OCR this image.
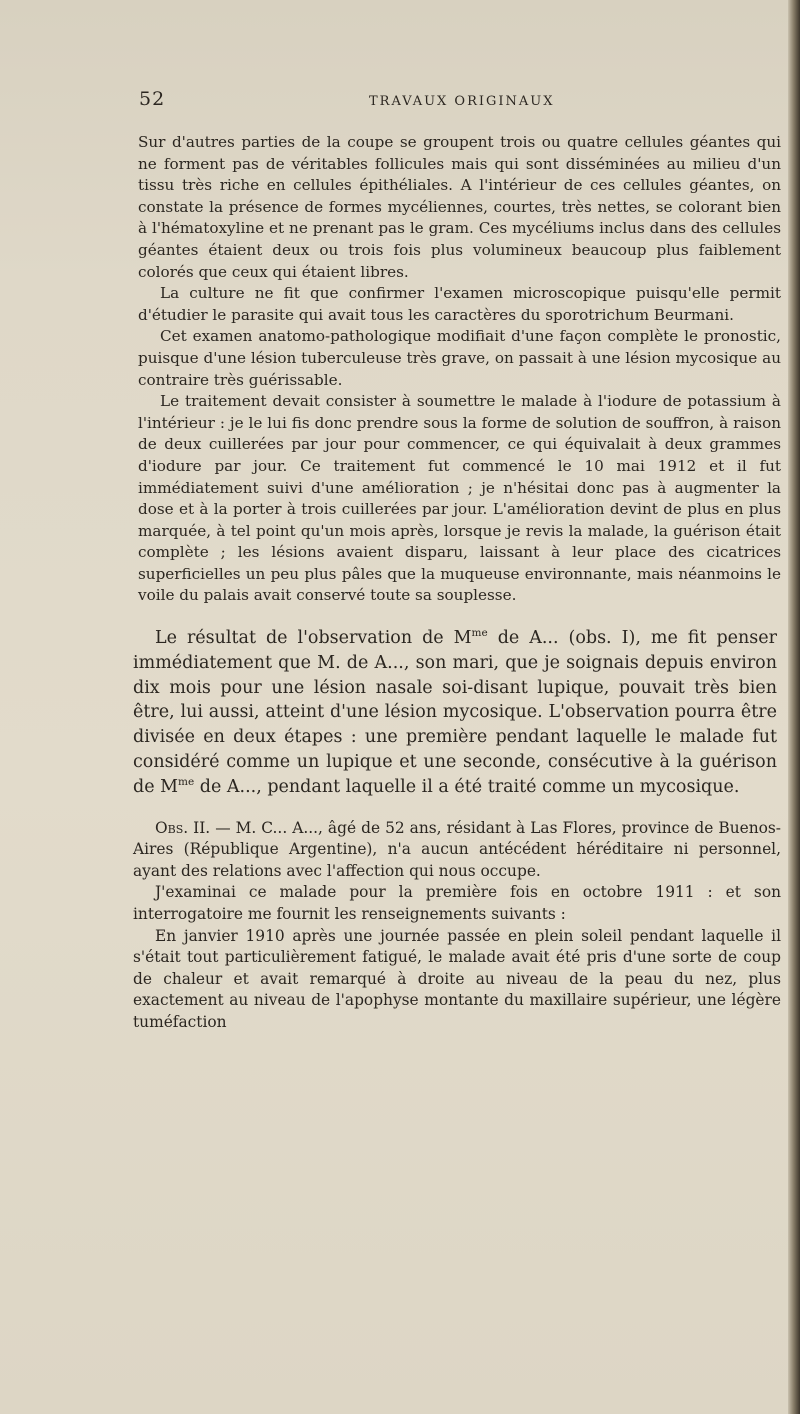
52	TRAVAUX ORIGINAUX

Sur d'autres parties de la coupe se groupent trois ou quatre cellules géantes qui ne forment pas de véritables follicules mais qui sont disséminées au milieu d'un tissu très riche en cellules épithéliales. A l'intérieur de ces cellules géantes, on constate la présence de formes mycéliennes, courtes, très nettes, se colorant bien à l'hématoxyline et ne prenant pas le gram. Ces mycéliums inclus dans des cellules géantes étaient deux ou trois fois plus volumineux beaucoup plus faiblement colorés que ceux qui étaient libres.

La culture ne fit que confirmer l'examen microscopique puisqu'elle permit d'étudier le parasite qui avait tous les caractères du sporotrichum Beurmani.

Cet examen anatomo-pathologique modifiait d'une façon complète le pronostic, puisque d'une lésion tuberculeuse très grave, on passait à une lésion mycosique au contraire très guérissable.

Le traitement devait consister à soumettre le malade à l'iodure de potassium à l'intérieur : je le lui fis donc prendre sous la forme de solution de souffron, à raison de deux cuillerées par jour pour commencer, ce qui équivalait à deux grammes d'iodure par jour. Ce traitement fut commencé le 10 mai 1912 et il fut immédiatement suivi d'une amélioration ; je n'hésitai donc pas à augmenter la dose et à la porter à trois cuillerées par jour. L'amélioration devint de plus en plus marquée, à tel point qu'un mois après, lorsque je revis la malade, la guérison était complète ; les lésions avaient disparu, laissant à leur place des cicatrices superficielles un peu plus pâles que la muqueuse environnante, mais néanmoins le voile du palais avait conservé toute sa souplesse.

Le résultat de l'observation de $M^{me}$ de A... (obs. I), me fit penser immédiatement que M. de A..., son mari, que je soignais depuis environ dix mois pour une lésion nasale soi-disant lupique, pouvait très bien être, lui aussi, atteint d'une lésion mycosique. L'observation pourra être divisée en deux étapes : une première pendant laquelle le malade fut considéré comme un lupique et une seconde, consécutive à la guérison de $M^{me}$ de A..., pendant laquelle il a été traité comme un mycosique.

Obs. II. — M. C... A..., âgé de 52 ans, résidant à Las Flores, province de Buenos-Aires (République Argentine), n'a aucun antécédent héréditaire ni personnel, ayant des relations avec l'affection qui nous occupe.

J'examinai ce malade pour la première fois en octobre 1911 : et son interrogatoire me fournit les renseignements suivants :

En janvier 1910 après une journée passée en plein soleil pendant laquelle il s'était tout particulièrement fatigué, le malade avait été pris d'une sorte de coup de chaleur et avait remarqué à droite au niveau de la peau du nez, plus exactement au niveau de l'apophyse montante du maxillaire supérieur, une légère tuméfaction
